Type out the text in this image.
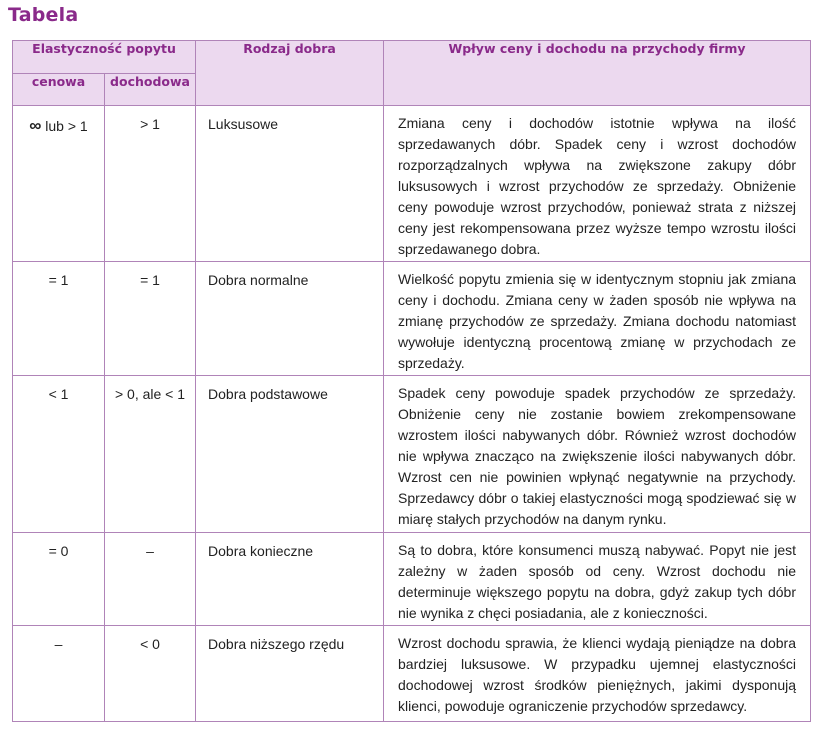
Tabela
Elastyczność popytu		Rodzaj dobra	Wpływ ceny i dochodu na przychody firmy
cenowa	dochodowa		
∞ lub > 1	> 1	Luksusowe	Zmiana ceny i dochodów istotnie wpływa na ilość sprzedawanych dóbr. Spadek ceny i wzrost dochodów rozporządzalnych wpływa na zwiększone zakupy dóbr luksusowych i wzrost przychodów ze sprzedaży. Obniżenie ceny powoduje wzrost przychodów, ponieważ strata z niższej ceny jest rekompensowana przez wyższe tempo wzrostu ilości sprzedawanego dobra.
= 1	= 1	Dobra normalne	Wielkość popytu zmienia się w identycznym stopniu jak zmiana ceny i dochodu. Zmiana ceny w żaden sposób nie wpływa na zmianę przychodów ze sprzedaży. Zmiana dochodu natomiast wywołuje identyczną procentową zmianę w przychodach ze sprzedaży.
< 1	> 0, ale < 1	Dobra podstawowe	Spadek ceny powoduje spadek przychodów ze sprzedaży. Obniżenie ceny nie zostanie bowiem zrekompensowane wzrostem ilości nabywanych dóbr. Również wzrost dochodów nie wpływa znacząco na zwiększenie ilości nabywanych dóbr. Wzrost cen nie powinien wpłynąć negatywnie na przychody. Sprzedawcy dóbr o takiej elastyczności mogą spodziewać się w miarę stałych przychodów na danym rynku.
= 0	–	Dobra konieczne	Są to dobra, które konsumenci muszą nabywać. Popyt nie jest zależny w żaden sposób od ceny. Wzrost dochodu nie determinuje większego popytu na dobra, gdyż zakup tych dóbr nie wynika z chęci posiadania, ale z konieczności.
–	< 0	Dobra niższego rzędu	Wzrost dochodu sprawia, że klienci wydają pieniądze na dobra bardziej luksusowe. W przypadku ujemnej elastyczności dochodowej wzrost środków pieniężnych, jakimi dysponują klienci, powoduje ograniczenie przychodów sprzedawcy.
